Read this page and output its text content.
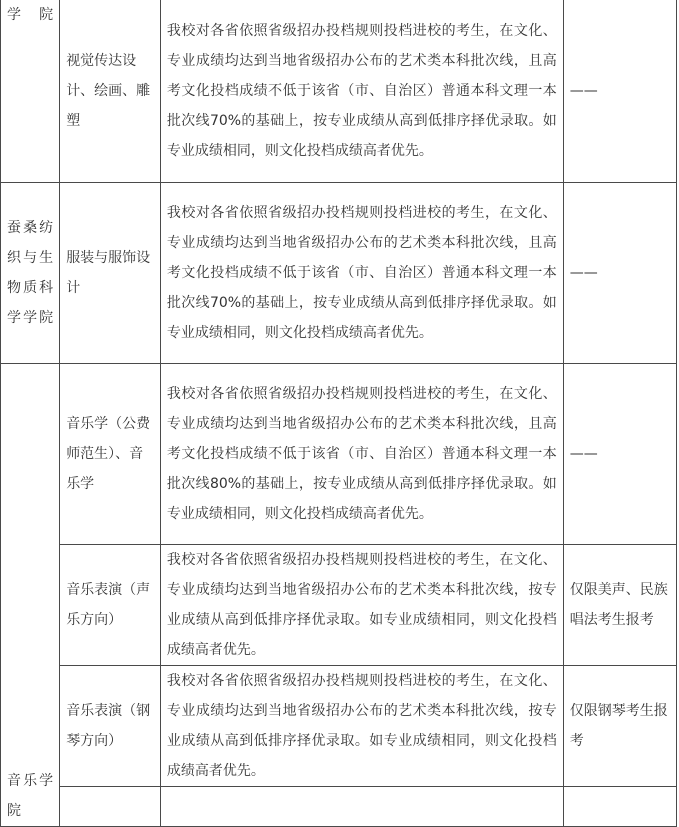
学院	视觉传达设计、绘画、雕塑	我校对各省依照省级招办投档规则投档进校的考生，在文化、专业成绩均达到当地省级招办公布的艺术类本科批次线，且高考文化投档成绩不低于该省（市、自治区）普通本科文理一本批次线70%的基础上，按专业成绩从高到低排序择优录取。如专业成绩相同，则文化投档成绩高者优先。	——
蚕桑纺织与生物质科学学院	服装与服饰设计	我校对各省依照省级招办投档规则投档进校的考生，在文化、专业成绩均达到当地省级招办公布的艺术类本科批次线，且高考文化投档成绩不低于该省（市、自治区）普通本科文理一本批次线70%的基础上，按专业成绩从高到低排序择优录取。如专业成绩相同，则文化投档成绩高者优先。	——
音乐学院	音乐学（公费师范生）、音乐学	我校对各省依照省级招办投档规则投档进校的考生，在文化、专业成绩均达到当地省级招办公布的艺术类本科批次线，且高考文化投档成绩不低于该省（市、自治区）普通本科文理一本批次线80%的基础上，按专业成绩从高到低排序择优录取。如专业成绩相同，则文化投档成绩高者优先。	——
	音乐表演（声乐方向）	我校对各省依照省级招办投档规则投档进校的考生，在文化、专业成绩均达到当地省级招办公布的艺术类本科批次线，按专业成绩从高到低排序择优录取。如专业成绩相同，则文化投档成绩高者优先。	仅限美声、民族唱法考生报考
	音乐表演（钢琴方向）	我校对各省依照省级招办投档规则投档进校的考生，在文化、专业成绩均达到当地省级招办公布的艺术类本科批次线，按专业成绩从高到低排序择优录取。如专业成绩相同，则文化投档成绩高者优先。	仅限钢琴考生报考
